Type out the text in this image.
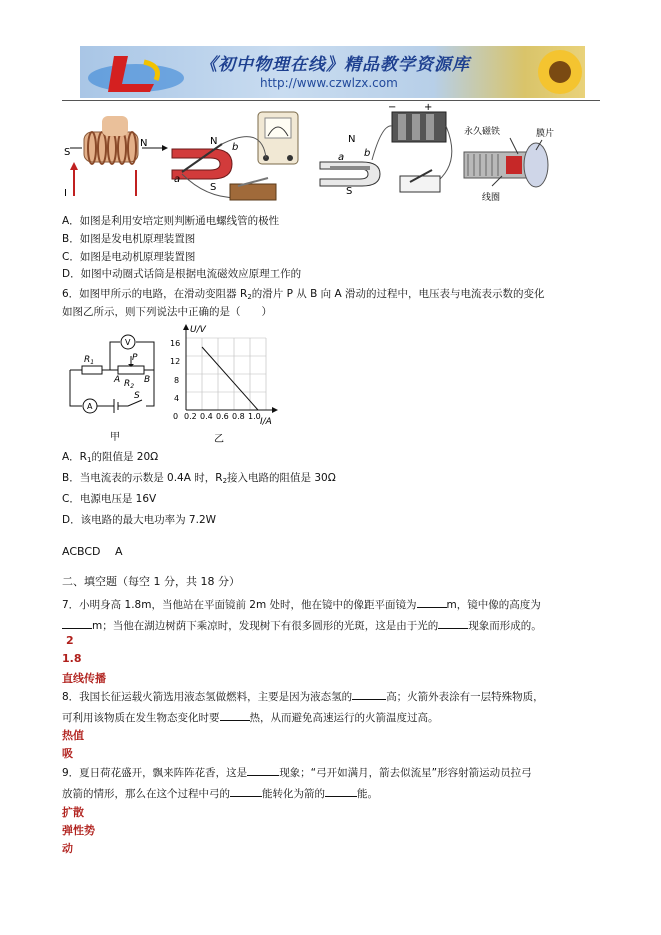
《初中物理在线》精品教学资源库
http://www.czwlzx.com
S
N
I
N
S
a
b
N
S
a b
−	+
永久磁铁	膜片
线圈
A．如图是利用安培定则判断通电螺线管的极性
B．如图是发电机原理装置图
C．如图是电动机原理装置图
D．如图中动圈式话筒是根据电流磁效应原理工作的
6．如图甲所示的电路，在滑动变阻器 $R_2$的滑片 P 从 B 向 A 滑动的过程中，电压表与电流表示数的变化
如图乙所示，则下列说法中正确的是（　　）
$R_1$
$R_2$
P
A	B
S
V
A
甲
U/V
I/A
0
16
12
8
4
0.2 0.4 0.6 0.8 1.0
乙
A．$R_1$的阻值是 20Ω
B．当电流表的示数是 0.4A 时，$R_2$接入电路的阻值是 30Ω
C．电源电压是 16V
D．该电路的最大电功率为 7.2W
ACBCD　 A
二、填空题（每空 1 分，共 18 分）
7．小明身高 1.8m，当他站在平面镜前 2m 处时，他在镜中的像距平面镜为	m，镜中像的高度为
m；当他在湖边树荫下乘凉时，发现树下有很多圆形的光斑，这是由于光的	现象而形成的。
2
1.8
直线传播
8．我国长征运载火箭选用液态氢做燃料，主要是因为液态氢的	高；火箭外表涂有一层特殊物质，
可利用该物质在发生物态变化时要	热，从而避免高速运行的火箭温度过高。
热值
吸
9．夏日荷花盛开，飘来阵阵花香，这是	现象；“弓开如满月，箭去似流星”形容射箭运动员拉弓
放箭的情形，那么在这个过程中弓的	能转化为箭的	能。
扩散
弹性势
动
